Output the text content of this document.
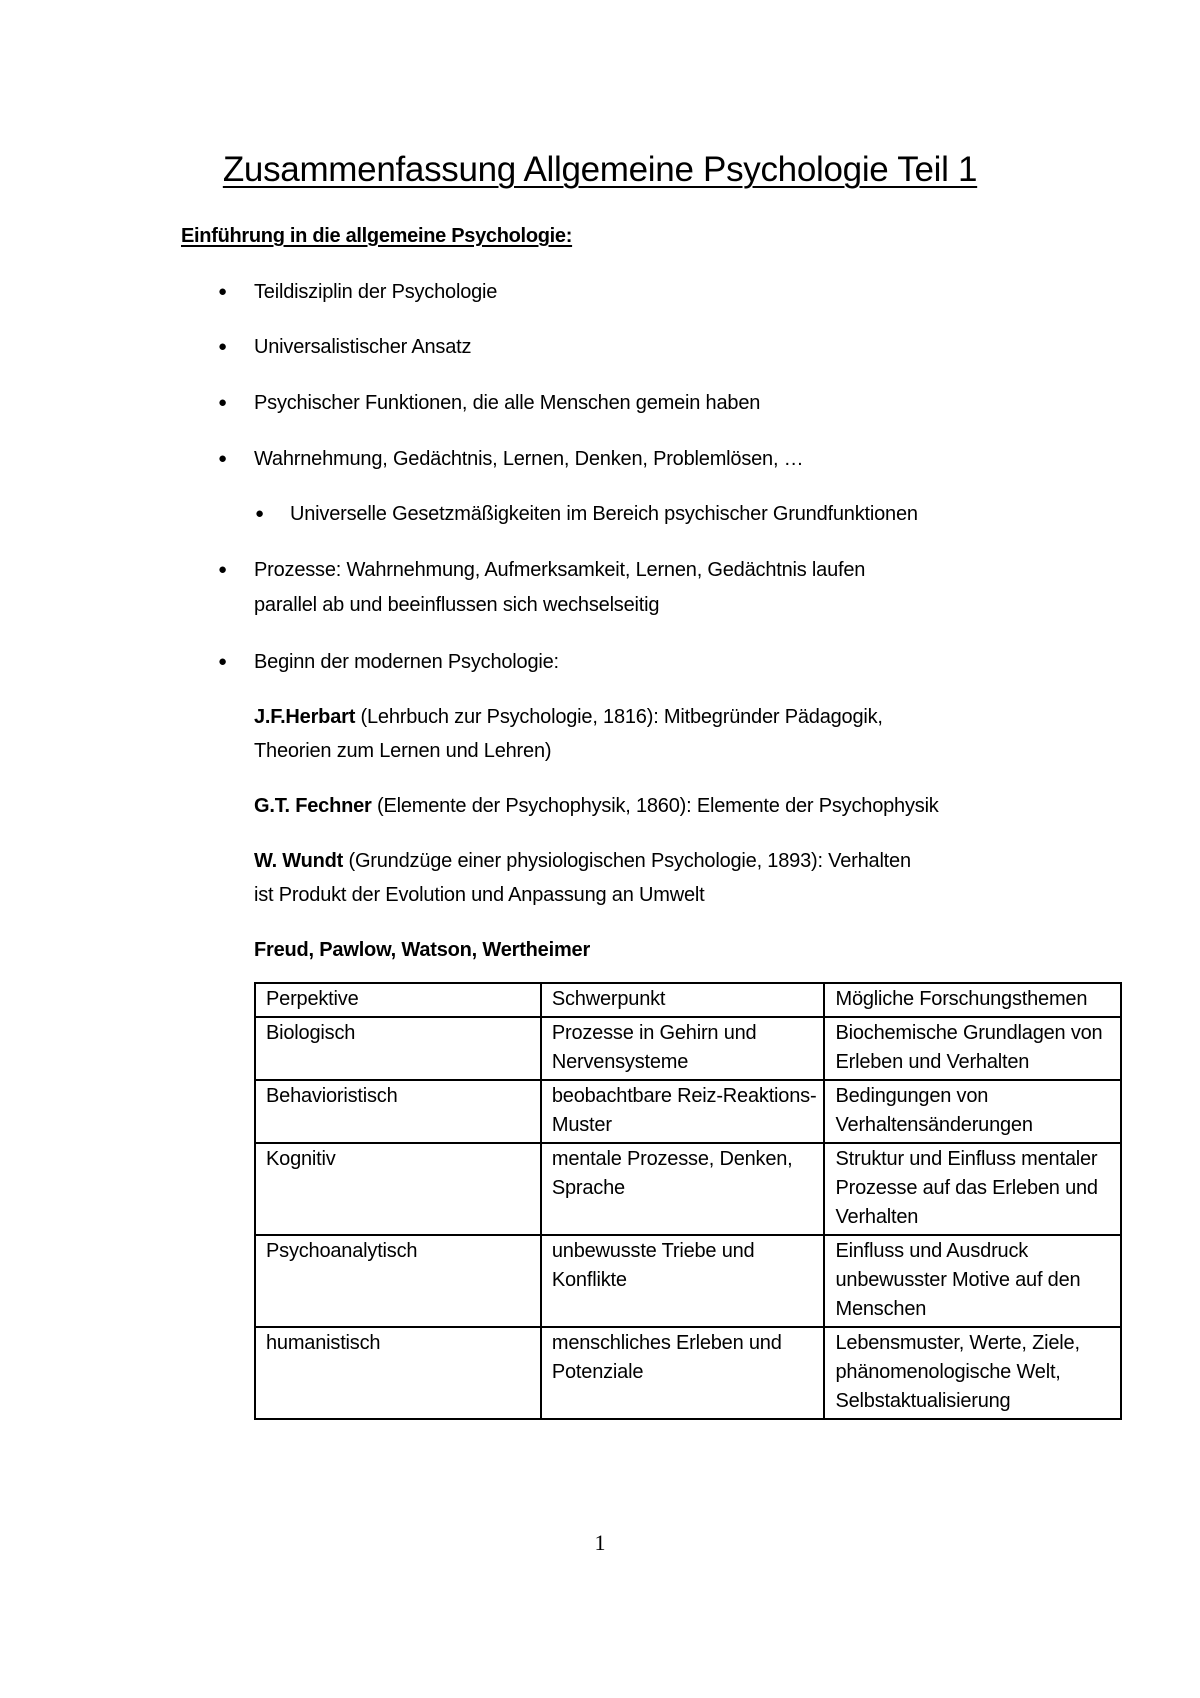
Zusammenfassung Allgemeine Psychologie Teil 1
Einführung in die allgemeine Psychologie:
● Teildisziplin der Psychologie
● Universalistischer Ansatz
● Psychischer Funktionen, die alle Menschen gemein haben
● Wahrnehmung, Gedächtnis, Lernen, Denken, Problemlösen, …
● Universelle Gesetzmäßigkeiten im Bereich psychischer Grundfunktionen
● Prozesse: Wahrnehmung, Aufmerksamkeit, Lernen, Gedächtnis laufen
parallel ab und beeinflussen sich wechselseitig
● Beginn der modernen Psychologie:
J.F.Herbart (Lehrbuch zur Psychologie, 1816): Mitbegründer Pädagogik,
Theorien zum Lernen und Lehren)
G.T. Fechner (Elemente der Psychophysik, 1860): Elemente der Psychophysik
W. Wundt (Grundzüge einer physiologischen Psychologie, 1893): Verhalten
ist Produkt der Evolution und Anpassung an Umwelt
Freud, Pawlow, Watson, Wertheimer
Perpektive	Schwerpunkt	Mögliche Forschungsthemen
Biologisch	Prozesse in Gehirn und Nervensysteme	Biochemische Grundlagen von Erleben und Verhalten
Behavioristisch	beobachtbare Reiz-Reaktions-Muster	Bedingungen von Verhaltensänderungen
Kognitiv	mentale Prozesse, Denken, Sprache	Struktur und Einfluss mentaler Prozesse auf das Erleben und Verhalten
Psychoanalytisch	unbewusste Triebe und Konflikte	Einfluss und Ausdruck unbewusster Motive auf den Menschen
humanistisch	menschliches Erleben und Potenziale	Lebensmuster, Werte, Ziele, phänomenologische Welt, Selbstaktualisierung
1
